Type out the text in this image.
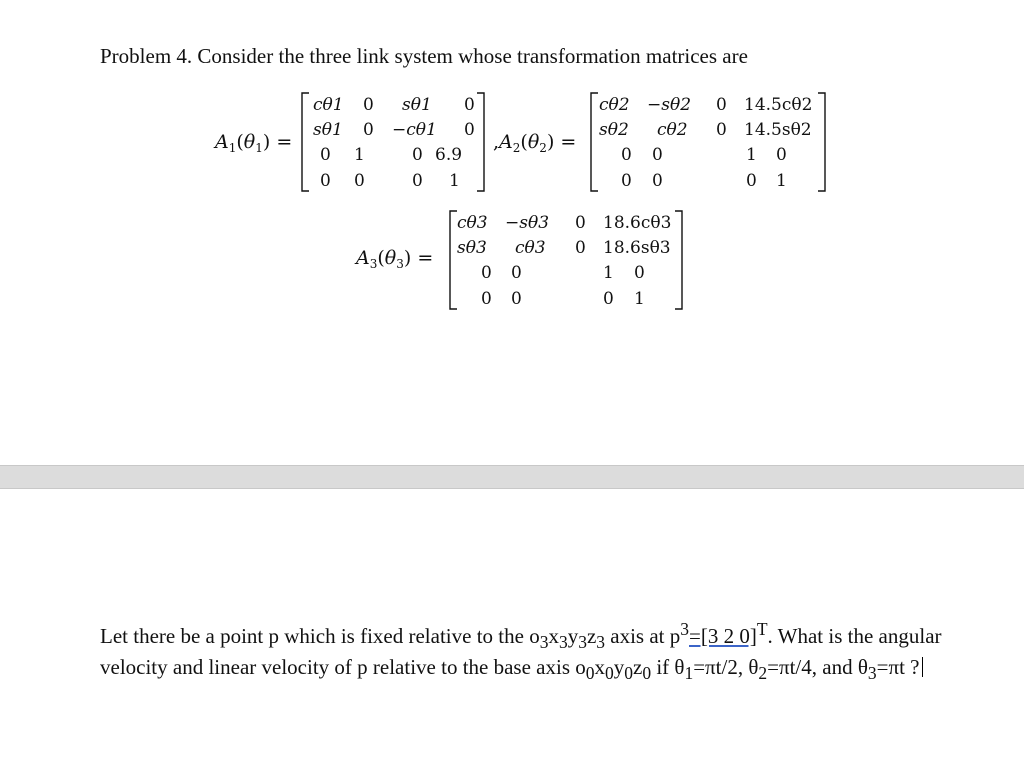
Problem 4. Consider the three link system whose transformation matrices are
$A_1(\theta_1)$ =
cθ1 0 sθ1 0
sθ1 0 −cθ1 0
0 1	0 6.9
0 0	0 1
$,A_2(\theta_2)$ =
cθ2 −sθ2 0 14.5cθ2
sθ2 cθ2 0 14.5sθ2
0 0	1 0
0 0	0 1
$A_3(\theta_3)$ =
cθ3 −sθ3 0 18.6cθ3
sθ3 cθ3 0 18.6sθ3
0 0	1 0
0 0	0 1
Let there be a point p which is fixed relative to the $o_3x_3y_3z_3$ axis at $p^3=[3$ 2 0]$^T$. What is the angular velocity and linear velocity of p relative to the base axis $o_0x_0y_0z_0$ if $\theta_1=\pi t/2$, $\theta_2=\pi t/4$, and $\theta_3=\pi t$ ?
